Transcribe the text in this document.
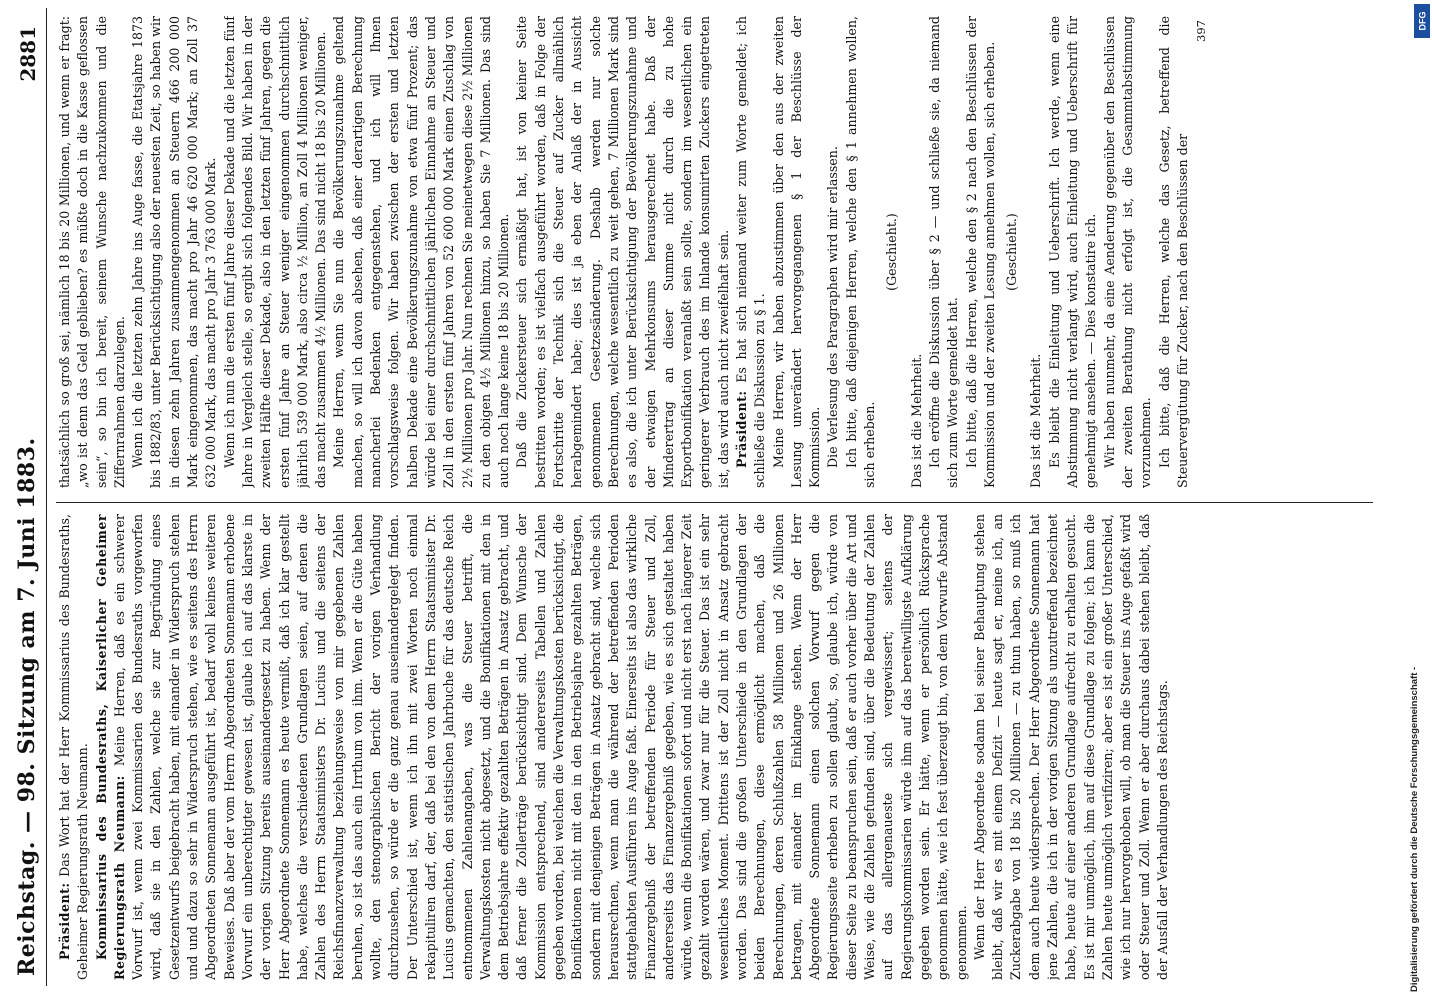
Reichstag. — 98. Sitzung am 7. Juni 1883.
2881

Präsident: Das Wort hat der Herr Kommissarius des Bundesraths, Geheimer Regierungsrath Neumann. Kommissarius des Bundesraths, Kaiserlicher Geheimer Regierungsrath Neumann: Meine Herren, daß es ein schwerer Vorwurf ist, wenn zwei Kommissarien des Bundesraths vorgeworfen wird, daß sie in den Zahlen, welche sie zur Begründung eines Gesetzentwurfs beigebracht haben, mit einander in Widerspruch stehen und und dazu so sehr in Widerspruch stehen, wie es seitens des Herrn Abgeordneten Sonnemann ausgeführt ist, bedarf wohl keines weiteren Beweises. Daß aber der vom Herrn Abgeordneten Sonnemann erhobene Vorwurf ein unberechtigter gewesen ist, glaube ich auf das klarste in der vorigen Sitzung bereits auseinandergesetzt zu haben. Wenn der Herr Abgeordnete Sonnemann es heute vermißt, daß ich klar gestellt habe, welches die verschiedenen Grundlagen seien, auf denen die Zahlen des Herrn Staatsministers Dr. Lucius und die seitens der Reichsfinanzverwaltung beziehungsweise von mir gegebenen Zahlen beruhen, so ist das auch ein Irrthum von ihm. Wenn er die Güte haben wollte, den stenographischen Bericht der vorigen Verhandlung durchzusehen, so würde er die ganz genau auseinandergelegt finden. Der Unterschied ist, wenn ich ihn mit zwei Worten noch einmal rekapituliren darf, der, daß bei den von dem Herrn Staatsminister Dr. Lucius gemachten, den statistischen Jahrbuche für das deutsche Reich entnommenen Zahlenangaben, was die Steuer betrifft, die Verwaltungskosten nicht abgesetzt, und die Bonifikationen mit den in dem Betriebsjahre effektiv gezahlten Beträgen in Ansatz gebracht, und daß ferner die Zollerträge berücksichtigt sind. Dem Wunsche der Kommission entsprechend, sind andererseits Tabellen und Zahlen gegeben worden, bei welchen die Verwaltungskosten berücksichtigt, die Bonifikationen nicht mit den in den Betriebsjahre gezahlten Beträgen, sondern mit denjenigen Beträgen in Ansatz gebracht sind, welche sich herausrechnen, wenn man die während der betreffenden Perioden stattgehabten Ausführen ins Auge faßt. Einerseits ist also das wirkliche Finanzergebniß der betreffenden Periode für Steuer und Zoll, andererseits das Finanzergebniß gegeben, wie es sich gestaltet haben würde, wenn die Bonifikationen sofort und nicht erst nach längerer Zeit gezahlt worden wären, und zwar nur für die Steuer. Das ist ein sehr wesentliches Moment. Drittens ist der Zoll nicht in Ansatz gebracht worden. Das sind die großen Unterschiede in den Grundlagen der beiden Berechnungen, diese ermöglicht machen, daß die Berechnungen, deren Schlußzahlen 58 Millionen und 26 Millionen betragen, mit einander im Einklange stehen. Wenn der Herr Abgeordnete Sonnemann einen solchen Vorwurf gegen die Regierungsseite erheben zu sollen glaubt, so, glaube ich, würde von dieser Seite zu beanspruchen sein, daß er auch vorher über die Art und Weise, wie die Zahlen gefunden sind, über die Bedeutung der Zahlen auf das allergenaueste sich vergewissert; seitens der Regierungskommissarien würde ihm auf das bereitwilligste Aufklärung gegeben worden sein. Er hätte, wenn er persönlich Rücksprache genommen hätte, wie ich fest überzeugt bin, von dem Vorwurfe Abstand genommen. Wenn der Herr Abgeordnete sodann bei seiner Behauptung stehen bleibt, daß wir es mit einem Defizit — heute sagt er, meine ich, an Zuckerabgabe von 18 bis 20 Millionen — zu thun haben, so muß ich dem auch heute widersprechen. Der Herr Abgeordnete Sonnemann hat jene Zahlen, die ich in der vorigen Sitzung als unzutreffend bezeichnet habe, heute auf einer anderen Grundlage aufrecht zu erhalten gesucht. Es ist mir unmöglich, ihm auf diese Grundlage zu folgen; ich kann die Zahlen heute unmöglich verifiziren; aber es ist ein großer Unterschied, wie ich nur hervorgehoben will, ob man die Steuer ins Auge gefaßt wird oder Steuer und Zoll. Wenn er aber durchaus dabei stehen bleibt, daß der Ausfall der Verhandlungen des Reichstags.

thatsächlich so groß sei, nämlich 18 bis 20 Millionen, und wenn er fragt: „wo ist denn das Geld geblieben? es müßte doch in die Kasse geflossen sein“, so bin ich bereit, seinem Wunsche nachzukommen und die Ziffernrahmen darzulegen. Wenn ich die letzten zehn Jahre ins Auge fasse, die Etatsjahre 1873 bis 1882/83, unter Berücksichtigung also der neuesten Zeit, so haben wir in diesen zehn Jahren zusammengenommen an Steuern 466 200 000 Mark eingenommen, das macht pro Jahr 46 620 000 Mark; an Zoll 37 632 000 Mark, das macht pro Jahr 3 763 000 Mark. Wenn ich nun die ersten fünf Jahre dieser Dekade und die letzten fünf Jahre in Vergleich stelle, so ergibt sich folgendes Bild. Wir haben in der zweiten Hälfte dieser Dekade, also in den letzten fünf Jahren, gegen die ersten fünf Jahre an Steuer weniger eingenommen durchschnittlich jährlich 539 000 Mark, also circa ½ Million, an Zoll 4 Millionen weniger, das macht zusammen 4½ Millionen. Das sind nicht 18 bis 20 Millionen. Meine Herren, wenn Sie nun die Bevölkerungszunahme geltend machen, so will ich davon absehen, daß einer derartigen Berechnung mancherlei Bedenken entgegenstehen, und ich will Ihnen vorschlagsweise folgen. Wir haben zwischen der ersten und letzten halben Dekade eine Bevölkerungszunahme von etwa fünf Prozent; das würde bei einer durchschnittlichen jährlichen Einnahme an Steuer und Zoll in den ersten fünf Jahren von 52 600 000 Mark einen Zuschlag von 2½ Millionen pro Jahr. Nun rechnen Sie meinetwegen diese 2½ Millionen zu den obigen 4½ Millionen hinzu, so haben Sie 7 Millionen. Das sind auch noch lange keine 18 bis 20 Millionen. Daß die Zuckersteuer sich ermäßigt hat, ist von keiner Seite bestritten worden; es ist vielfach ausgeführt worden, daß in Folge der Fortschritte der Technik sich die Steuer auf Zucker allmählich herabgemindert habe; dies ist ja eben der Anlaß der in Aussicht genommenen Gesetzesänderung. Deshalb werden nur solche Berechnungen, welche wesentlich zu weit gehen, 7 Millionen Mark sind es also, die ich unter Berücksichtigung der Bevölkerungszunahme und der etwaigen Mehrkonsums herausgerechnet habe. Daß der Minderertrag an dieser Summe nicht durch die zu hohe Exportbonifikation veranlaßt sein sollte, sondern im wesentlichen ein geringerer Verbrauch des im Inlande konsumirten Zuckers eingetreten ist, das wird auch nicht zweifelhaft sein. Präsident: Es hat sich niemand weiter zum Worte gemeldet; ich schließe die Diskussion zu § 1. Meine Herren, wir haben abzustimmen über den aus der zweiten Lesung unverändert hervorgegangenen § 1 der Beschlüsse der Kommission. Die Verlesung des Paragraphen wird mir erlassen. Ich bitte, daß diejenigen Herren, welche den § 1 annehmen wollen, sich erheben.

(Geschieht.)

Das ist die Mehrheit. Ich eröffne die Diskussion über § 2 — und schließe sie, da niemand sich zum Worte gemeldet hat. Ich bitte, daß die Herren, welche den § 2 nach den Beschlüssen der Kommission und der zweiten Lesung annehmen wollen, sich erheben. (Geschieht.)

Das ist die Mehrheit. Es bleibt die Einleitung und Ueberschrift. Ich werde, wenn eine Abstimmung nicht verlangt wird, auch Einleitung und Ueberschrift für genehmigt ansehen. — Dies konstatire ich. Wir haben nunmehr, da eine Aenderung gegenüber den Beschlüssen der zweiten Berathung nicht erfolgt ist, die Gesammtabstimmung vorzunehmen. Ich bitte, daß die Herren, welche das Gesetz, betreffend die Steuervergütung für Zucker, nach den Beschlüssen der

397

Digitalisierung gefördert durch die Deutsche Forschungsgemeinschaft -
DFG
